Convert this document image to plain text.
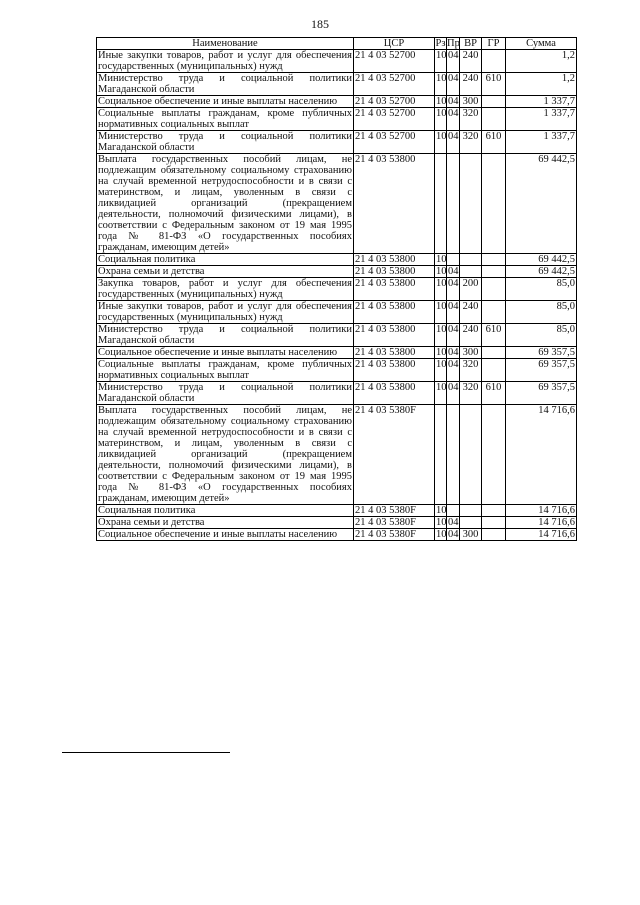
185
Наименование	ЦСР	Рз	Пр	ВР	ГР	Сумма
Иные закупки товаров, работ и услуг для обеспечения государственных (муниципальных) нужд	21 4 03 52700	10	04	240		1,2
Министерство труда и социальной политики Магаданской области	21 4 03 52700	10	04	240	610	1,2
Социальное обеспечение и иные выплаты населению	21 4 03 52700	10	04	300		1 337,7
Социальные выплаты гражданам, кроме публичных нормативных социальных выплат	21 4 03 52700	10	04	320		1 337,7
Министерство труда и социальной политики Магаданской области	21 4 03 52700	10	04	320	610	1 337,7
Выплата государственных пособий лицам, не подлежащим обязательному социальному страхованию на случай временной нетрудоспособности и в связи с материнством, и лицам, уволенным в связи с ликвидацией организаций (прекращением деятельности, полномочий физическими лицами), в соответствии с Федеральным законом от 19 мая 1995 года № 81-ФЗ «О государственных пособиях гражданам, имеющим детей»	21 4 03 53800					69 442,5
Социальная политика	21 4 03 53800	10				69 442,5
Охрана семьи и детства	21 4 03 53800	10	04			69 442,5
Закупка товаров, работ и услуг для обеспечения государственных (муниципальных) нужд	21 4 03 53800	10	04	200		85,0
Иные закупки товаров, работ и услуг для обеспечения государственных (муниципальных) нужд	21 4 03 53800	10	04	240		85,0
Министерство труда и социальной политики Магаданской области	21 4 03 53800	10	04	240	610	85,0
Социальное обеспечение и иные выплаты населению	21 4 03 53800	10	04	300		69 357,5
Социальные выплаты гражданам, кроме публичных нормативных социальных выплат	21 4 03 53800	10	04	320		69 357,5
Министерство труда и социальной политики Магаданской области	21 4 03 53800	10	04	320	610	69 357,5
Выплата государственных пособий лицам, не подлежащим обязательному социальному страхованию на случай временной нетрудоспособности и в связи с материнством, и лицам, уволенным в связи с ликвидацией организаций (прекращением деятельности, полномочий физическими лицами), в соответствии с Федеральным законом от 19 мая 1995 года № 81-ФЗ «О государственных пособиях гражданам, имеющим детей»	21 4 03 5380F					14 716,6
Социальная политика	21 4 03 5380F	10				14 716,6
Охрана семьи и детства	21 4 03 5380F	10	04			14 716,6
Социальное обеспечение и иные выплаты населению	21 4 03 5380F	10	04	300		14 716,6
